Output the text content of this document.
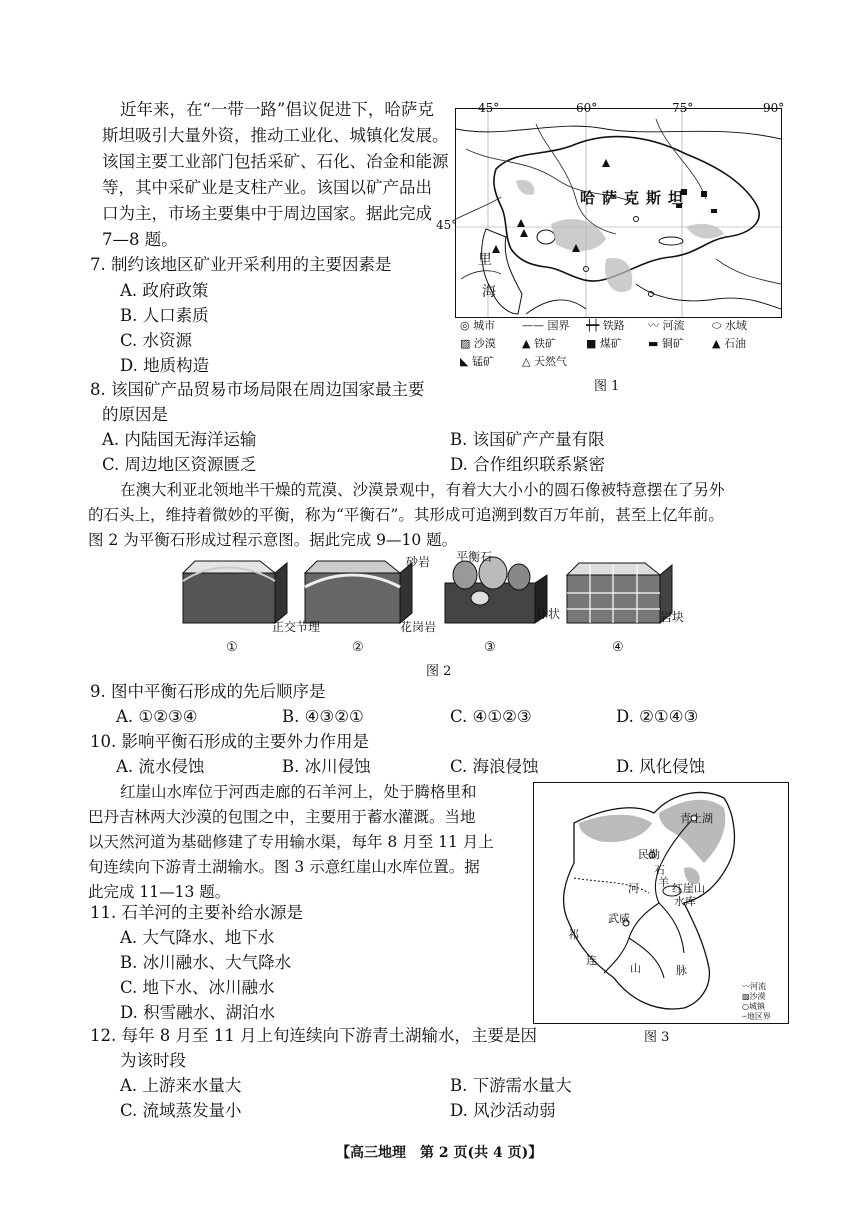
近年来，在“一带一路”倡议促进下，哈萨克
斯坦吸引大量外资，推动工业化、城镇化发展。
该国主要工业部门包括采矿、石化、冶金和能源
等，其中采矿业是支柱产业。该国以矿产品出
口为主，市场主要集中于周边国家。据此完成
7—8 题。
7. 制约该地区矿业开采利用的主要因素是
A. 政府政策
B. 人口素质
C. 水资源
D. 地质构造
45°	60°	75°	90°
45°
哈萨克斯坦
里
海
◎ 城市 —— 国界 ┿┿ 铁路 〰 河流	⬭ 水域
▨ 沙漠 ▲ 铁矿	■ 煤矿 ▬ 铜矿	▲ 石油
◣ 锰矿	△ 天然气
图 1
8. 该国矿产品贸易市场局限在周边国家最主要
的原因是
A. 内陆国无海洋运输	B. 该国矿产产量有限
C. 周边地区资源匮乏	D. 合作组织联系紧密
在澳大利亚北领地半干燥的荒漠、沙漠景观中，有着大大小小的圆石像被特意摆在了另外
的石头上，维持着微妙的平衡，称为“平衡石”。其形成可追溯到数百万年前，甚至上亿年前。
图 2 为平衡石形成过程示意图。据此完成 9—10 题。
正交节理
砂岩
花岗岩
平衡石
球状	岩块
①	②	③	④
图 2
9. 图中平衡石形成的先后顺序是
A. ①②③④	B. ④③②①	C. ④①②③	D. ②①④③
10. 影响平衡石形成的主要外力作用是
A. 流水侵蚀	B. 冰川侵蚀	C. 海浪侵蚀	D. 风化侵蚀
红崖山水库位于河西走廊的石羊河上，处于腾格里和
巴丹吉林两大沙漠的包围之中，主要用于蓄水灌溉。当地
以天然河道为基础修建了专用输水渠，每年 8 月至 11 月上
旬连续向下游青土湖输水。图 3 示意红崖山水库位置。据
此完成 11—13 题。
青土湖
民勤
石
羊
河	红崖山
水库
武威
祁
连
山	脉
〰河流
▨沙漠
○城镇
┄地区界
图 3
11. 石羊河的主要补给水源是
A. 大气降水、地下水
B. 冰川融水、大气降水
C. 地下水、冰川融水
D. 积雪融水、湖泊水
12. 每年 8 月至 11 月上旬连续向下游青土湖输水，主要是因
为该时段
A. 上游来水量大	B. 下游需水量大
C. 流域蒸发量小	D. 风沙活动弱
【高三地理　第 2 页(共 4 页)】
